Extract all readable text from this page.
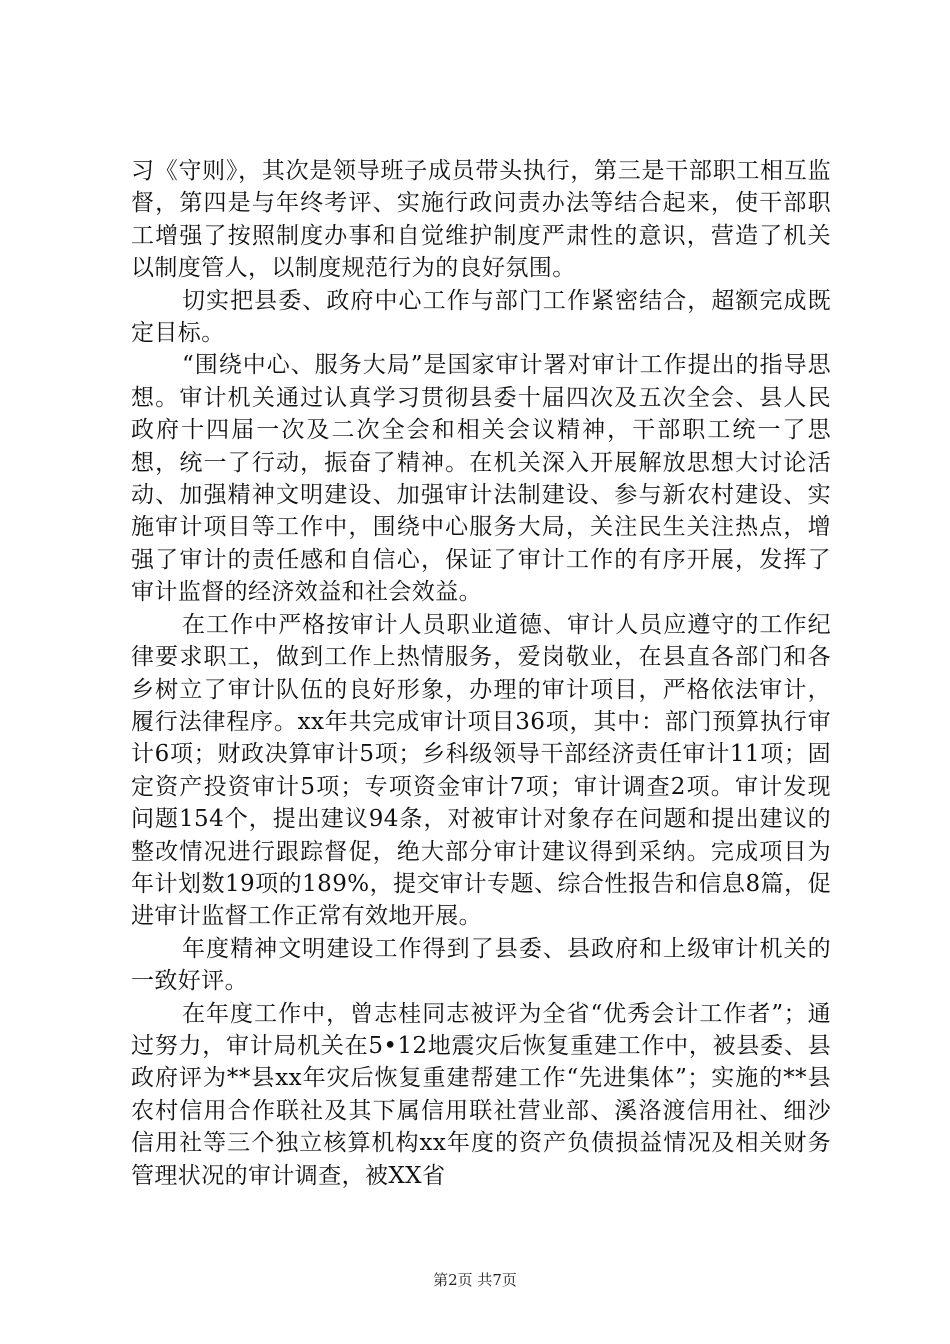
习《守则》，其次是领导班子成员带头执行，第三是干部职工相互监督，第四是与年终考评、实施行政问责办法等结合起来，使干部职工增强了按照制度办事和自觉维护制度严肃性的意识，营造了机关以制度管人，以制度规范行为的良好氛围。

切实把县委、政府中心工作与部门工作紧密结合，超额完成既定目标。

“围绕中心、服务大局”是国家审计署对审计工作提出的指导思想。审计机关通过认真学习贯彻县委十届四次及五次全会、县人民政府十四届一次及二次全会和相关会议精神，干部职工统一了思想，统一了行动，振奋了精神。在机关深入开展解放思想大讨论活动、加强精神文明建设、加强审计法制建设、参与新农村建设、实施审计项目等工作中，围绕中心服务大局，关注民生关注热点，增强了审计的责任感和自信心，保证了审计工作的有序开展，发挥了审计监督的经济效益和社会效益。

在工作中严格按审计人员职业道德、审计人员应遵守的工作纪律要求职工，做到工作上热情服务，爱岗敬业，在县直各部门和各乡树立了审计队伍的良好形象，办理的审计项目，严格依法审计，履行法律程序。xx年共完成审计项目36项，其中：部门预算执行审计6项；财政决算审计5项；乡科级领导干部经济责任审计11项；固定资产投资审计5项；专项资金审计7项；审计调查2项。审计发现问题154个，提出建议94条，对被审计对象存在问题和提出建议的整改情况进行跟踪督促，绝大部分审计建议得到采纳。完成项目为年计划数19项的189%，提交审计专题、综合性报告和信息8篇，促进审计监督工作正常有效地开展。

年度精神文明建设工作得到了县委、县政府和上级审计机关的一致好评。

在年度工作中，曾志桂同志被评为全省“优秀会计工作者”；通过努力，审计局机关在5•12地震灾后恢复重建工作中，被县委、县政府评为**县xx年灾后恢复重建帮建工作“先进集体”；实施的**县农村信用合作联社及其下属信用联社营业部、溪洛渡信用社、细沙信用社等三个独立核算机构xx年度的资产负债损益情况及相关财务管理状况的审计调查，被XX省

第2页 共7页
